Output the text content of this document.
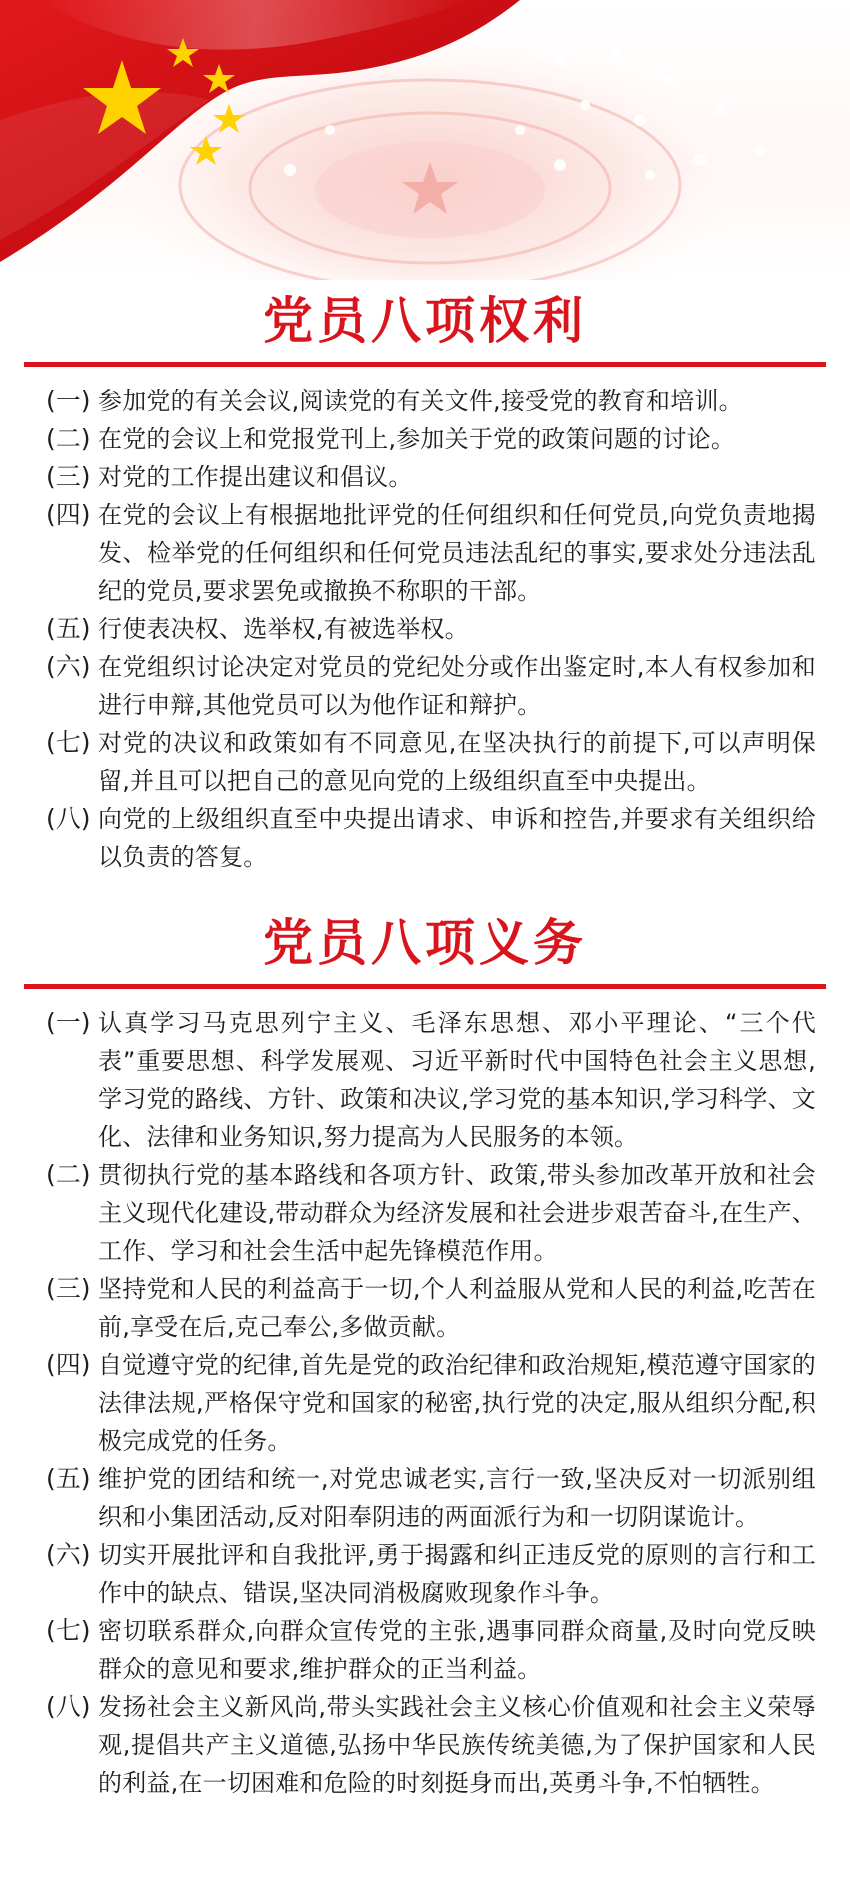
党员八项权利
(一) 参加党的有关会议,阅读党的有关文件,接受党的教育和培训。
(二) 在党的会议上和党报党刊上,参加关于党的政策问题的讨论。
(三) 对党的工作提出建议和倡议。
(四) 在党的会议上有根据地批评党的任何组织和任何党员,向党负责地揭发、检举党的任何组织和任何党员违法乱纪的事实,要求处分违法乱纪的党员,要求罢免或撤换不称职的干部。
(五) 行使表决权、选举权,有被选举权。
(六) 在党组织讨论决定对党员的党纪处分或作出鉴定时,本人有权参加和进行申辩,其他党员可以为他作证和辩护。
(七) 对党的决议和政策如有不同意见,在坚决执行的前提下,可以声明保留,并且可以把自己的意见向党的上级组织直至中央提出。
(八) 向党的上级组织直至中央提出请求、申诉和控告,并要求有关组织给以负责的答复。
党员八项义务
(一) 认真学习马克思列宁主义、毛泽东思想、邓小平理论、“三个代表”重要思想、科学发展观、习近平新时代中国特色社会主义思想,学习党的路线、方针、政策和决议,学习党的基本知识,学习科学、文化、法律和业务知识,努力提高为人民服务的本领。
(二) 贯彻执行党的基本路线和各项方针、政策,带头参加改革开放和社会主义现代化建设,带动群众为经济发展和社会进步艰苦奋斗,在生产、工作、学习和社会生活中起先锋模范作用。
(三) 坚持党和人民的利益高于一切,个人利益服从党和人民的利益,吃苦在前,享受在后,克己奉公,多做贡献。
(四) 自觉遵守党的纪律,首先是党的政治纪律和政治规矩,模范遵守国家的法律法规,严格保守党和国家的秘密,执行党的决定,服从组织分配,积极完成党的任务。
(五) 维护党的团结和统一,对党忠诚老实,言行一致,坚决反对一切派别组织和小集团活动,反对阳奉阴违的两面派行为和一切阴谋诡计。
(六) 切实开展批评和自我批评,勇于揭露和纠正违反党的原则的言行和工作中的缺点、错误,坚决同消极腐败现象作斗争。
(七) 密切联系群众,向群众宣传党的主张,遇事同群众商量,及时向党反映群众的意见和要求,维护群众的正当利益。
(八) 发扬社会主义新风尚,带头实践社会主义核心价值观和社会主义荣辱观,提倡共产主义道德,弘扬中华民族传统美德,为了保护国家和人民的利益,在一切困难和危险的时刻挺身而出,英勇斗争,不怕牺牲。
